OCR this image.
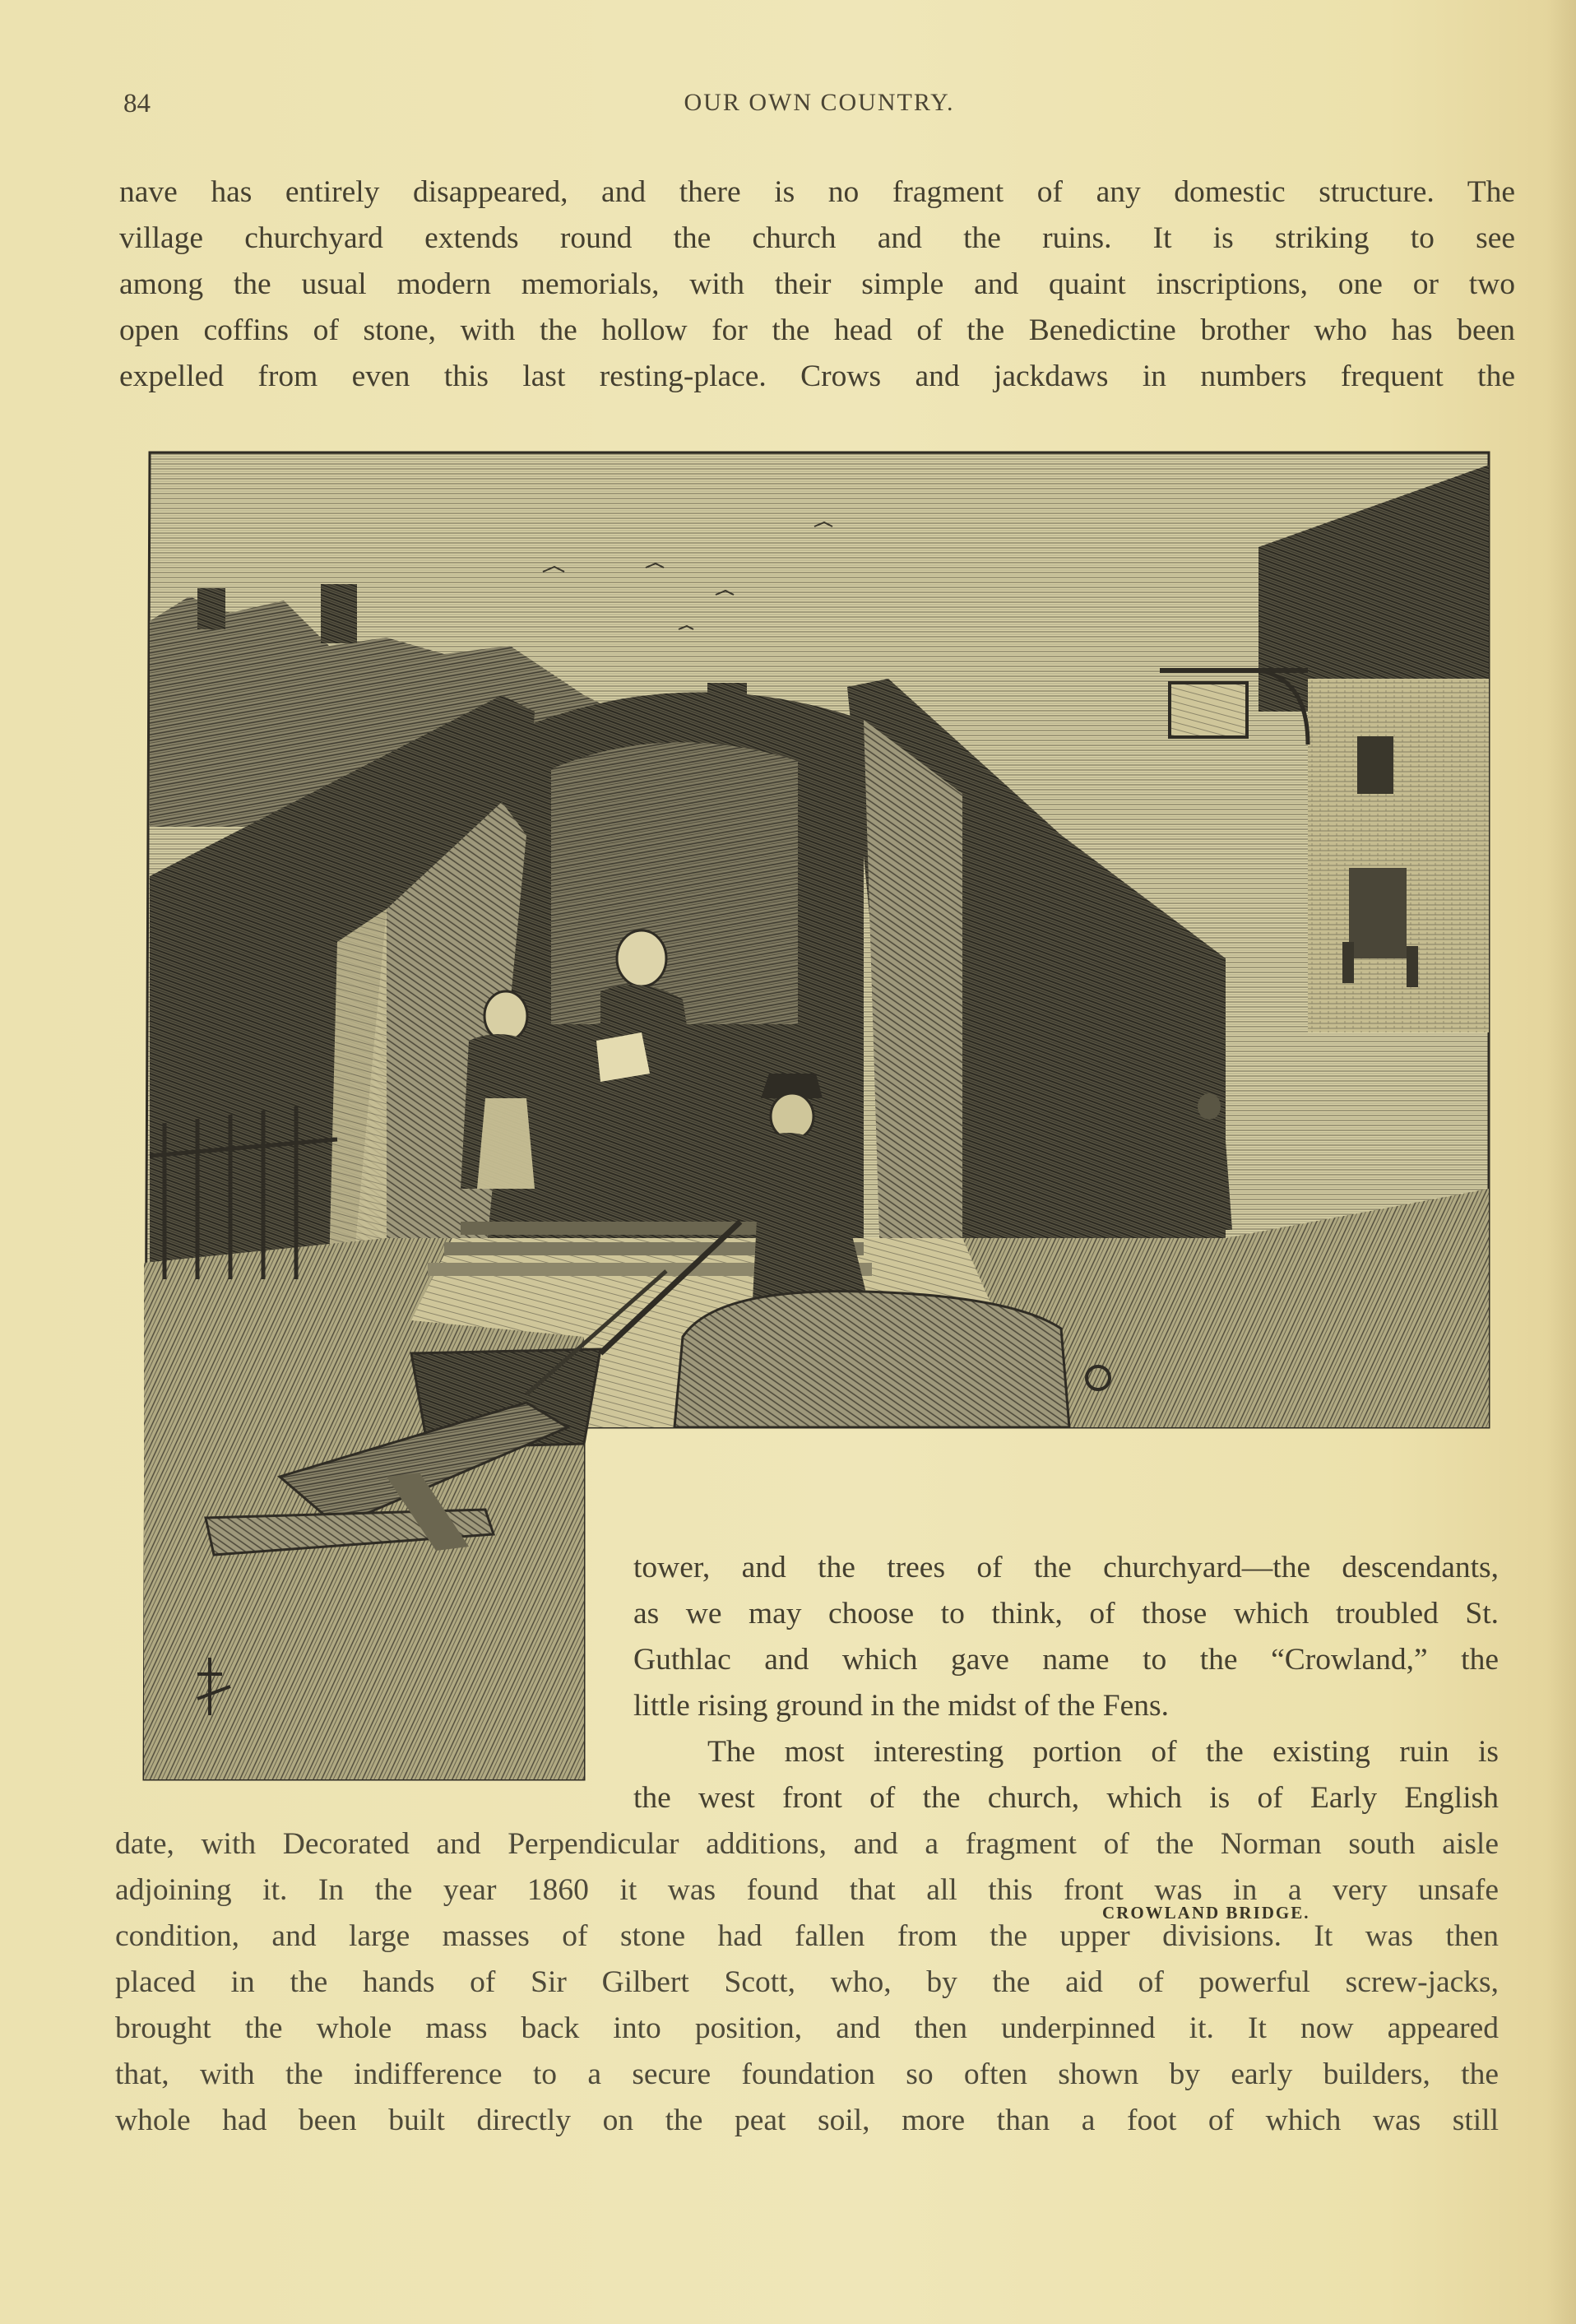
84	OUR OWN COUNTRY.
nave has entirely disappeared, and there is no fragment of any domestic structure. The
village churchyard extends round the church and the ruins. It is striking to see
among the usual modern memorials, with their simple and quaint inscriptions, one or two
open coffins of stone, with the hollow for the head of the Benedictine brother who has been
expelled from even this last resting-place. Crows and jackdaws in numbers frequent the
CROWLAND BRIDGE.
tower, and the trees of the churchyard—the descendants,
as we may choose to think, of those which troubled St.
Guthlac and which gave name to the “Crowland,” the
little rising ground in the midst of the Fens.
The most interesting portion of the existing ruin is
the west front of the church, which is of Early English
date, with Decorated and Perpendicular additions, and a fragment of the Norman south aisle
adjoining it. In the year 1860 it was found that all this front was in a very unsafe
condition, and large masses of stone had fallen from the upper divisions. It was then
placed in the hands of Sir Gilbert Scott, who, by the aid of powerful screw-jacks,
brought the whole mass back into position, and then underpinned it. It now appeared
that, with the indifference to a secure foundation so often shown by early builders, the
whole had been built directly on the peat soil, more than a foot of which was still
